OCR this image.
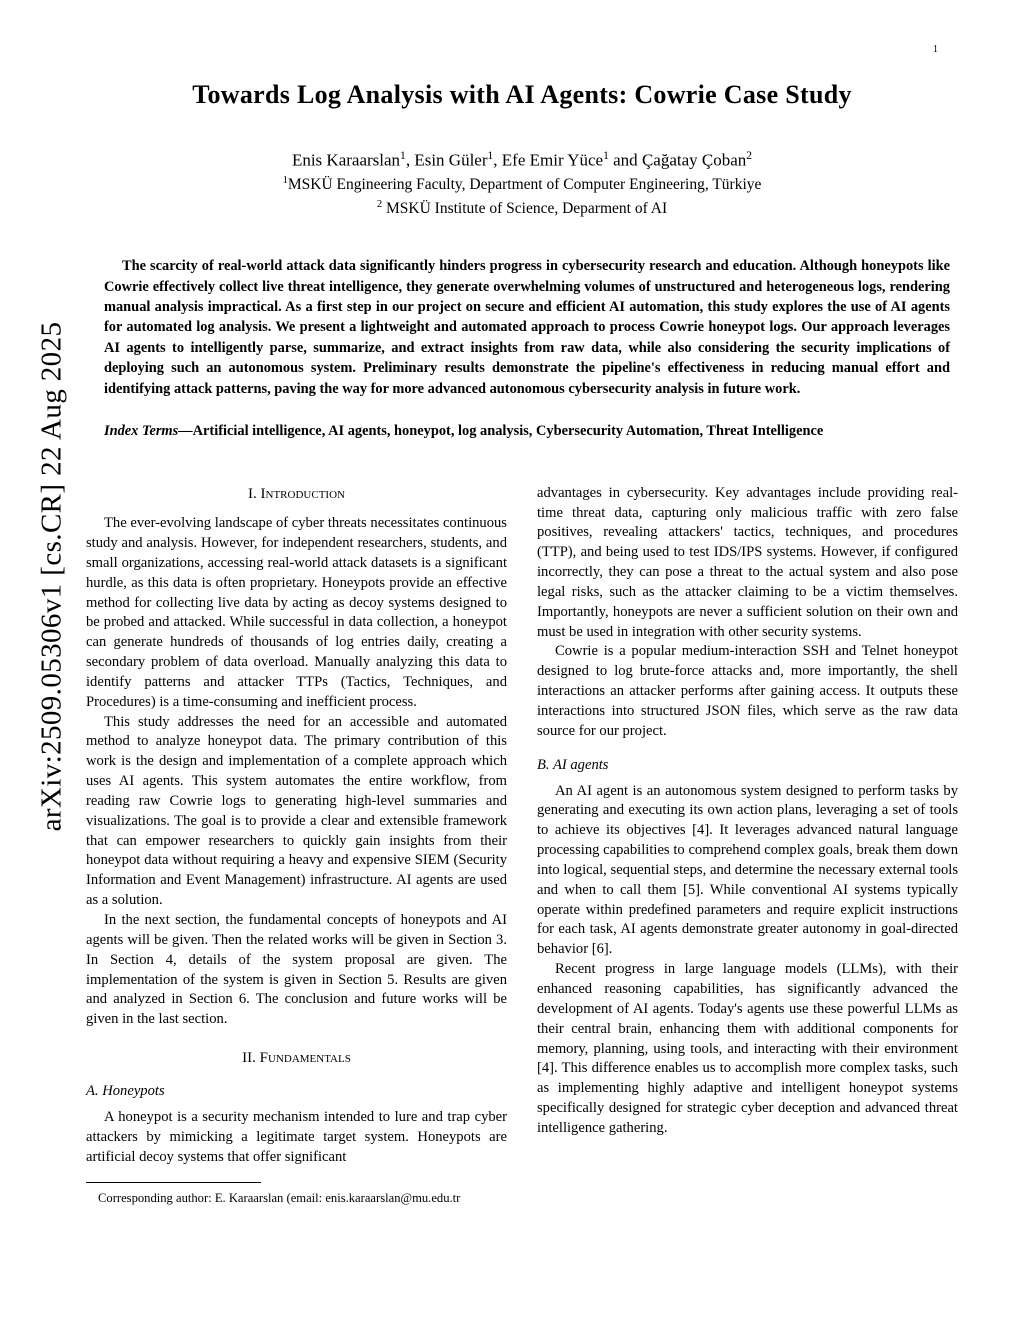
1
arXiv:2509.05306v1 [cs.CR] 22 Aug 2025
Towards Log Analysis with AI Agents: Cowrie Case Study
Enis Karaarslan$^1$, Esin Güler$^1$, Efe Emir Yüce$^1$ and Çağatay Çoban$^2$
$^1$MSKÜ Engineering Faculty, Department of Computer Engineering, Türkiye
$^2$ MSKÜ Institute of Science, Deparment of AI
The scarcity of real-world attack data significantly hinders progress in cybersecurity research and education. Although honeypots like Cowrie effectively collect live threat intelligence, they generate overwhelming volumes of unstructured and heterogeneous logs, rendering manual analysis impractical. As a first step in our project on secure and efficient AI automation, this study explores the use of AI agents for automated log analysis. We present a lightweight and automated approach to process Cowrie honeypot logs. Our approach leverages AI agents to intelligently parse, summarize, and extract insights from raw data, while also considering the security implications of deploying such an autonomous system. Preliminary results demonstrate the pipeline's effectiveness in reducing manual effort and identifying attack patterns, paving the way for more advanced autonomous cybersecurity analysis in future work.
Index Terms—Artificial intelligence, AI agents, honeypot, log analysis, Cybersecurity Automation, Threat Intelligence
I. Introduction

The ever-evolving landscape of cyber threats necessitates continuous study and analysis. However, for independent researchers, students, and small organizations, accessing real-world attack datasets is a significant hurdle, as this data is often proprietary. Honeypots provide an effective method for collecting live data by acting as decoy systems designed to be probed and attacked. While successful in data collection, a honeypot can generate hundreds of thousands of log entries daily, creating a secondary problem of data overload. Manually analyzing this data to identify patterns and attacker TTPs (Tactics, Techniques, and Procedures) is a time-consuming and inefficient process.

This study addresses the need for an accessible and automated method to analyze honeypot data. The primary contribution of this work is the design and implementation of a complete approach which uses AI agents. This system automates the entire workflow, from reading raw Cowrie logs to generating high-level summaries and visualizations. The goal is to provide a clear and extensible framework that can empower researchers to quickly gain insights from their honeypot data without requiring a heavy and expensive SIEM (Security Information and Event Management) infrastructure. AI agents are used as a solution.

In the next section, the fundamental concepts of honeypots and AI agents will be given. Then the related works will be given in Section 3. In Section 4, details of the system proposal are given. The implementation of the system is given in Section 5. Results are given and analyzed in Section 6. The conclusion and future works will be given in the last section.

II. Fundamentals
A. Honeypots

A honeypot is a security mechanism intended to lure and trap cyber attackers by mimicking a legitimate target system. Honeypots are artificial decoy systems that offer significant

Corresponding author: E. Karaarslan (email: enis.karaarslan@mu.edu.tr

advantages in cybersecurity. Key advantages include providing real-time threat data, capturing only malicious traffic with zero false positives, revealing attackers' tactics, techniques, and procedures (TTP), and being used to test IDS/IPS systems. However, if configured incorrectly, they can pose a threat to the actual system and also pose legal risks, such as the attacker claiming to be a victim themselves. Importantly, honeypots are never a sufficient solution on their own and must be used in integration with other security systems.

Cowrie is a popular medium-interaction SSH and Telnet honeypot designed to log brute-force attacks and, more importantly, the shell interactions an attacker performs after gaining access. It outputs these interactions into structured JSON files, which serve as the raw data source for our project.

B. AI agents

An AI agent is an autonomous system designed to perform tasks by generating and executing its own action plans, leveraging a set of tools to achieve its objectives [4]. It leverages advanced natural language processing capabilities to comprehend complex goals, break them down into logical, sequential steps, and determine the necessary external tools and when to call them [5]. While conventional AI systems typically operate within predefined parameters and require explicit instructions for each task, AI agents demonstrate greater autonomy in goal-directed behavior [6].

Recent progress in large language models (LLMs), with their enhanced reasoning capabilities, has significantly advanced the development of AI agents. Today's agents use these powerful LLMs as their central brain, enhancing them with additional components for memory, planning, using tools, and interacting with their environment [4]. This difference enables us to accomplish more complex tasks, such as implementing highly adaptive and intelligent honeypot systems specifically designed for strategic cyber deception and advanced threat intelligence gathering.
